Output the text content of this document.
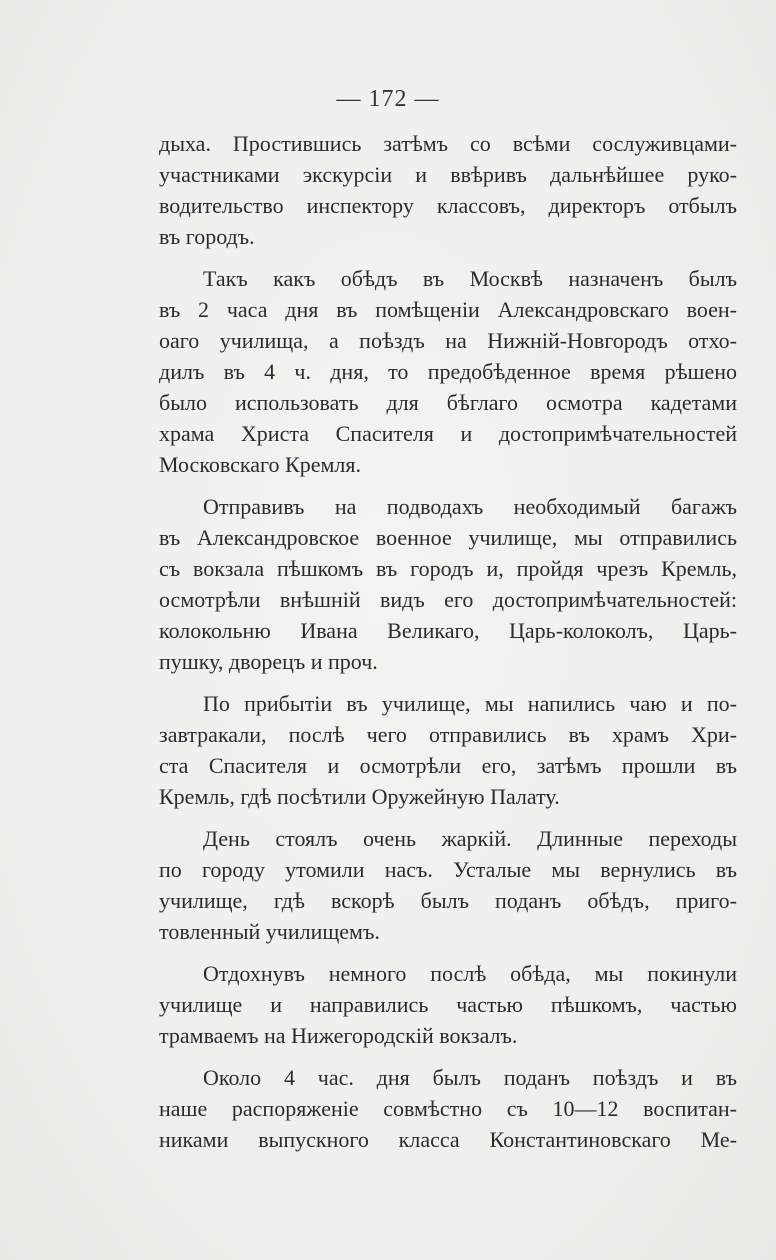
— 172 —
дыха. Простившись затѣмъ со всѣми сослуживцами-
участниками экскурсіи и ввѣривъ дальнѣйшее руко-
водительство инспектору классовъ, директоръ отбылъ
въ городъ.
Такъ какъ обѣдъ въ Москвѣ назначенъ былъ
въ 2 часа дня въ помѣщеніи Александровскаго воен-
оаго училища, а поѣздъ на Нижній-Новгородъ отхо-
дилъ въ 4 ч. дня, то предобѣденное время рѣшено
было использовать для бѣглаго осмотра кадетами
храма Христа Спасителя и достопримѣчательностей
Московскаго Кремля.
Отправивъ на подводахъ необходимый багажъ
въ Александровское военное училище, мы отправились
съ вокзала пѣшкомъ въ городъ и, пройдя чрезъ Кремль,
осмотрѣли внѣшній видъ его достопримѣчательностей:
колокольню Ивана Великаго, Царь-колоколъ, Царь-
пушку, дворецъ и проч.
По прибытіи въ училище, мы напились чаю и по-
завтракали, послѣ чего отправились въ храмъ Хри-
ста Спасителя и осмотрѣли его, затѣмъ прошли въ
Кремль, гдѣ посѣтили Оружейную Палату.
День стоялъ очень жаркій. Длинные переходы
по городу утомили насъ. Усталые мы вернулись въ
училище, гдѣ вскорѣ былъ поданъ обѣдъ, приго-
товленный училищемъ.
Отдохнувъ немного послѣ обѣда, мы покинули
училище и направились частью пѣшкомъ, частью
трамваемъ на Нижегородскій вокзалъ.
Около 4 час. дня былъ поданъ поѣздъ и въ
наше распоряженіе совмѣстно съ 10—12 воспитан-
никами выпускного класса Константиновскаго Ме-
